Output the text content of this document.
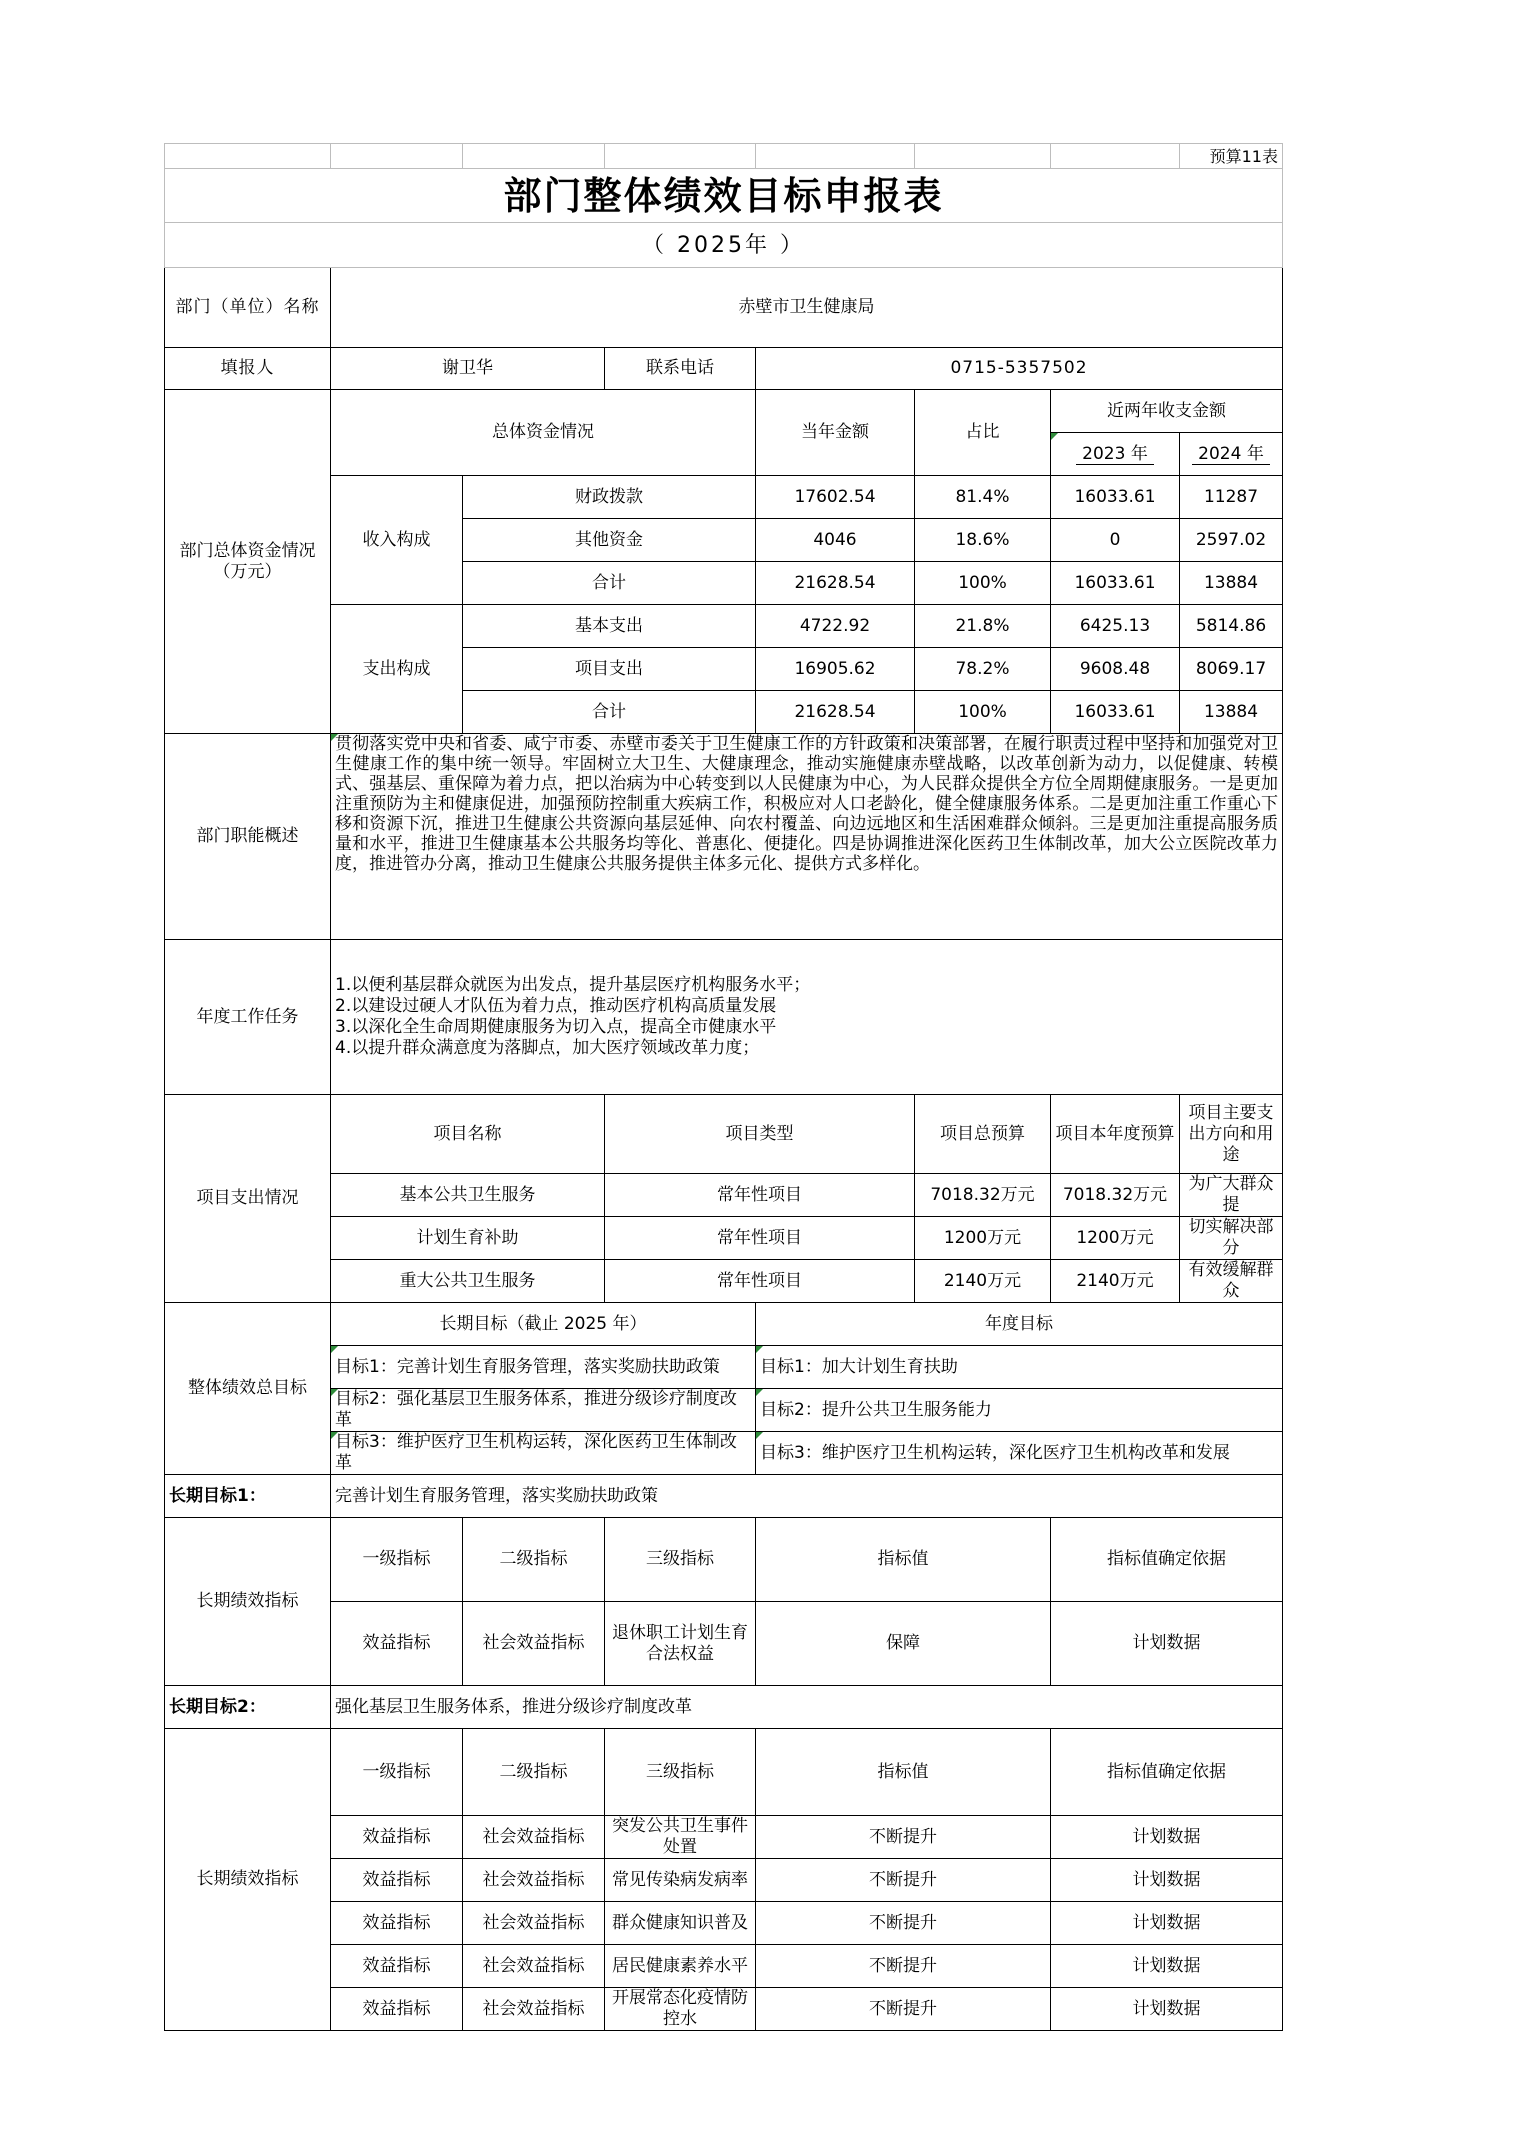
							预算11表
部门整体绩效目标申报表							
（ 2025年 ）							
部门（单位）名称	赤壁市卫生健康局						
填报人	谢卫华		联系电话	0715-5357502			
部门总体资金情况（万元）	总体资金情况			当年金额	占比	近两年收支金额	
						2023 年	2024 年
	收入构成	财政拨款		17602.54	81.4%	16033.61	11287
		其他资金		4046	18.6%	0	2597.02
		合计		21628.54	100%	16033.61	13884
	支出构成	基本支出		4722.92	21.8%	6425.13	5814.86
		项目支出		16905.62	78.2%	9608.48	8069.17
		合计		21628.54	100%	16033.61	13884
部门职能概述	贯彻落实党中央和省委、咸宁市委、赤壁市委关于卫生健康工作的方针政策和决策部署，在履行职责过程中坚持和加强党对卫生健康工作的集中统一领导。牢固树立大卫生、大健康理念，推动实施健康赤壁战略，以改革创新为动力，以促健康、转模式、强基层、重保障为着力点，把以治病为中心转变到以人民健康为中心，为人民群众提供全方位全周期健康服务。一是更加注重预防为主和健康促进，加强预防控制重大疾病工作，积极应对人口老龄化，健全健康服务体系。二是更加注重工作重心下移和资源下沉，推进卫生健康公共资源向基层延伸、向农村覆盖、向边远地区和生活困难群众倾斜。三是更加注重提高服务质量和水平，推进卫生健康基本公共服务均等化、普惠化、便捷化。四是协调推进深化医药卫生体制改革，加大公立医院改革力度，推进管办分离，推动卫生健康公共服务提供主体多元化、提供方式多样化。						
年度工作任务	1.以便利基层群众就医为出发点，提升基层医疗机构服务水平；
2.以建设过硬人才队伍为着力点，推动医疗机构高质量发展
3.以深化全生命周期健康服务为切入点，提高全市健康水平
4.以提升群众满意度为落脚点，加大医疗领域改革力度；						

项目支出情况	项目名称		项目类型		项目总预算	项目本年度预算	项目主要支出方向和用途
	基本公共卫生服务		常年性项目		7018.32万元	7018.32万元	为广大群众提
	计划生育补助		常年性项目		1200万元	1200万元	切实解决部分
	重大公共卫生服务		常年性项目		2140万元	2140万元	有效缓解群众
整体绩效总目标	长期目标（截止 2025 年）			年度目标			
	目标1：完善计划生育服务管理，落实奖励扶助政策			目标1：加大计划生育扶助			
	目标2：强化基层卫生服务体系，推进分级诊疗制度改革			目标2：提升公共卫生服务能力			
	目标3：维护医疗卫生机构运转，深化医药卫生体制改革			目标3：维护医疗卫生机构运转，深化医疗卫生机构改革和发展			
长期目标1：	完善计划生育服务管理，落实奖励扶助政策						
长期绩效指标	一级指标	二级指标	三级指标	指标值		指标值确定依据	
	效益指标	社会效益指标	退休职工计划生育合法权益	保障		计划数据	
长期目标2：	强化基层卫生服务体系，推进分级诊疗制度改革						
长期绩效指标	一级指标	二级指标	三级指标	指标值		指标值确定依据	
	效益指标	社会效益指标	突发公共卫生事件处置	不断提升		计划数据	
	效益指标	社会效益指标	常见传染病发病率	不断提升		计划数据	
	效益指标	社会效益指标	群众健康知识普及	不断提升		计划数据	
	效益指标	社会效益指标	居民健康素养水平	不断提升		计划数据	
	效益指标	社会效益指标	开展常态化疫情防控水	不断提升		计划数据	
